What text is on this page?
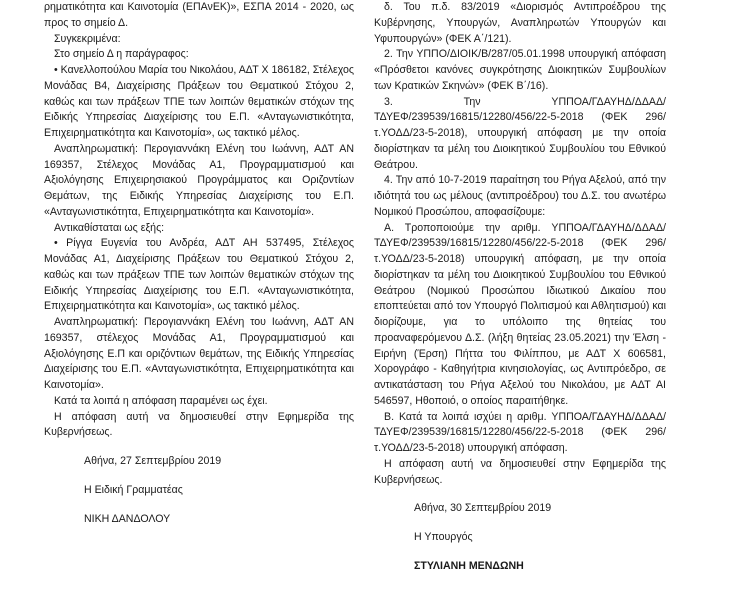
ρηματικότητα και Καινοτομία (ΕΠΑνΕΚ)», ΕΣΠΑ 2014 - 2020, ως προς το σημείο Δ.

Συγκεκριμένα:

Στο σημείο Δ η παράγραφος:

• Κανελλοπούλου Μαρία του Νικολάου, ΑΔΤ Χ 186182, Στέλεχος Μονάδας Β4, Διαχείρισης Πράξεων του Θεματικού Στόχου 2, καθώς και των πράξεων ΤΠΕ των λοιπών θεματικών στόχων της Ειδικής Υπηρεσίας Διαχείρισης του Ε.Π. «Ανταγωνιστικότητα, Επιχειρηματικότητα και Καινοτομία», ως τακτικό μέλος.

Αναπληρωματική: Περογιαννάκη Ελένη του Ιωάννη, ΑΔΤ ΑΝ 169357, Στέλεχος Μονάδας Α1, Προγραμματισμού και Αξιολόγησης Επιχειρησιακού Προγράμματος και Οριζοντίων Θεμάτων, της Ειδικής Υπηρεσίας Διαχείρισης του Ε.Π. «Ανταγωνιστικότητα, Επιχειρηματικότητα και Καινοτομία».

Αντικαθίσταται ως εξής:

• Ρίγγα Ευγενία του Ανδρέα, ΑΔΤ ΑΗ 537495, Στέλεχος Μονάδας Α1, Διαχείρισης Πράξεων του Θεματικού Στόχου 2, καθώς και των πράξεων ΤΠΕ των λοιπών θεματικών στόχων της Ειδικής Υπηρεσίας Διαχείρισης του Ε.Π. «Ανταγωνιστικότητα, Επιχειρηματικότητα και Καινοτομία», ως τακτικό μέλος.

Αναπληρωματική: Περογιαννάκη Ελένη του Ιωάννη, ΑΔΤ ΑΝ 169357, στέλεχος Μονάδας Α1, Προγραμματισμού και Αξιολόγησης Ε.Π και οριζόντιων θεμάτων, της Ειδικής Υπηρεσίας Διαχείρισης του Ε.Π. «Ανταγωνιστικότητα, Επιχειρηματικότητα και Καινοτομία».

Κατά τα λοιπά η απόφαση παραμένει ως έχει.

Η απόφαση αυτή να δημοσιευθεί στην Εφημερίδα της Κυβερνήσεως.

Αθήνα, 27 Σεπτεμβρίου 2019
Η Ειδική Γραμματέας
ΝΙΚΗ ΔΑΝΔΟΛΟΥ

δ. Του π.δ. 83/2019 «Διορισμός Αντιπροέδρου της Κυβέρνησης, Υπουργών, Αναπληρωτών Υπουργών και Υφυπουργών» (ΦΕΚ Α΄/121).

2. Την ΥΠΠΟ/ΔΙΟΙΚ/Β/287/05.01.1998 υπουργική απόφαση «Πρόσθετοι κανόνες συγκρότησης Διοικητικών Συμβουλίων των Κρατικών Σκηνών» (ΦΕΚ Β΄/16).

3. Την ΥΠΠΟΑ/ΓΔΑΥΗΔ/ΔΔΑΔ/ΤΔΥΕΦ/239539/16815/12280/456/22-5-2018 (ΦΕΚ 296/τ.ΥΟΔΔ/23-5-2018), υπουργική απόφαση με την οποία διορίστηκαν τα μέλη του Διοικητικού Συμβουλίου του Εθνικού Θεάτρου.

4. Την από 10-7-2019 παραίτηση του Ρήγα Αξελού, από την ιδιότητά του ως μέλους (αντιπροέδρου) του Δ.Σ. του ανωτέρω Νομικού Προσώπου, αποφασίζουμε:

Α. Τροποποιούμε την αριθμ. ΥΠΠΟΑ/ΓΔΑΥΗΔ/ΔΔΑΔ/ΤΔΥΕΦ/239539/16815/12280/456/22-5-2018 (ΦΕΚ 296/τ.ΥΟΔΔ/23-5-2018) υπουργική απόφαση, με την οποία διορίστηκαν τα μέλη του Διοικητικού Συμβουλίου του Εθνικού Θεάτρου (Νομικού Προσώπου Ιδιωτικού Δικαίου που εποπτεύεται από τον Υπουργό Πολιτισμού και Αθλητισμού) και διορίζουμε, για το υπόλοιπο της θητείας του προαναφερόμενου Δ.Σ. (λήξη θητείας 23.05.2021) την Έλση - Ειρήνη (Έρση) Πήττα του Φιλίππου, με ΑΔΤ Χ 606581, Χορογράφο - Καθηγήτρια κινησιολογίας, ως Αντιπρόεδρο, σε αντικατάσταση του Ρήγα Αξελού του Νικολάου, με ΑΔΤ ΑΙ 546597, Ηθοποιό, ο οποίος παραιτήθηκε.

Β. Κατά τα λοιπά ισχύει η αριθμ. ΥΠΠΟΑ/ΓΔΑΥΗΔ/ΔΔΑΔ/ΤΔΥΕΦ/239539/16815/12280/456/22-5-2018 (ΦΕΚ 296/τ.ΥΟΔΔ/23-5-2018) υπουργική απόφαση.

Η απόφαση αυτή να δημοσιευθεί στην Εφημερίδα της Κυβερνήσεως.

Αθήνα, 30 Σεπτεμβρίου 2019
Η Υπουργός
ΣΤΥΛΙΑΝΗ ΜΕΝΔΩΝΗ
